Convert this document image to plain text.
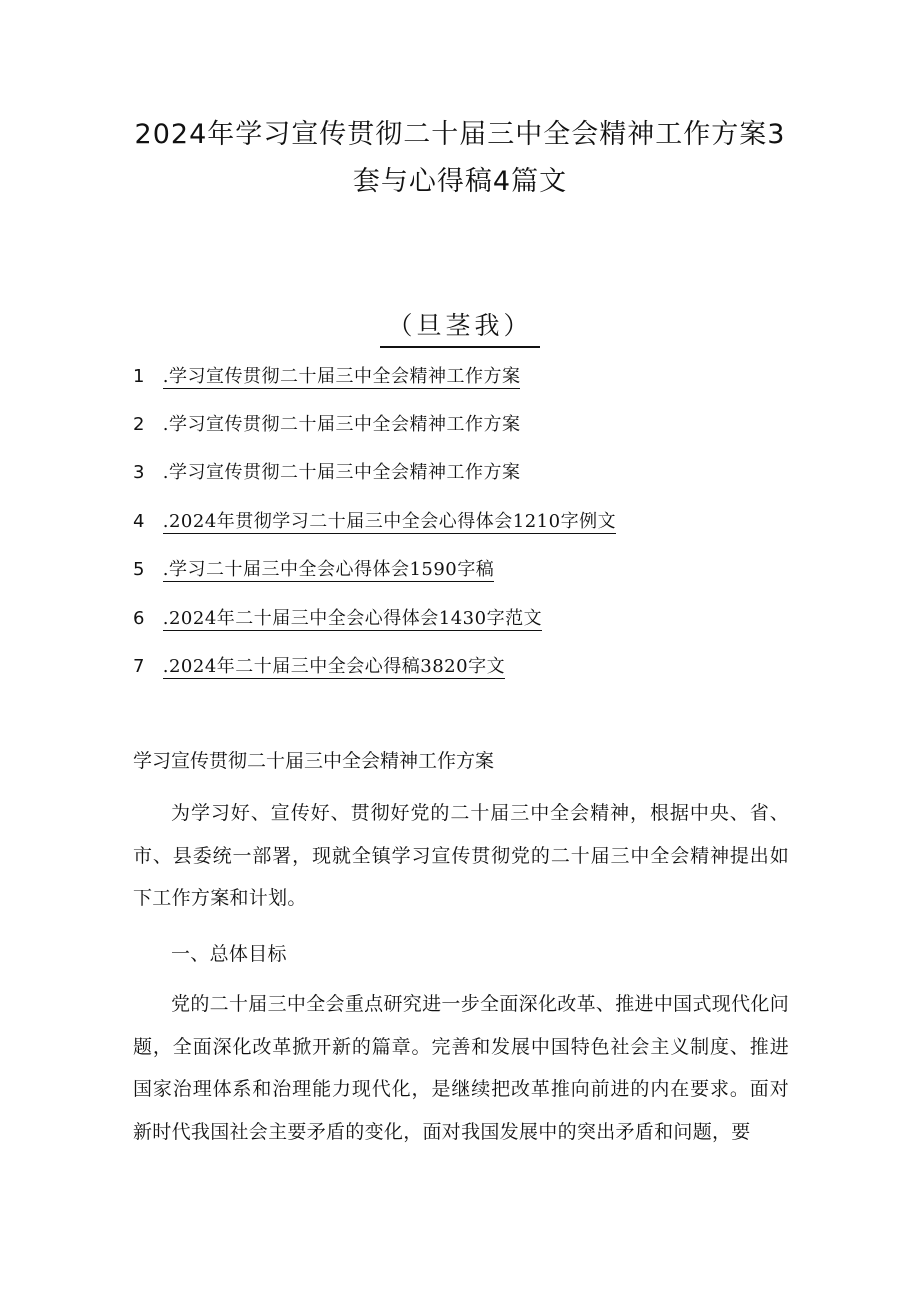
2024年学习宣传贯彻二十届三中全会精神工作方案3
套与心得稿4篇文
（旦茎我）
1 .学习宣传贯彻二十届三中全会精神工作方案
2 .学习宣传贯彻二十届三中全会精神工作方案
3 .学习宣传贯彻二十届三中全会精神工作方案
4 .2024年贯彻学习二十届三中全会心得体会1210字例文
5 .学习二十届三中全会心得体会1590字稿
6 .2024年二十届三中全会心得体会1430字范文
7 .2024年二十届三中全会心得稿3820字文
学习宣传贯彻二十届三中全会精神工作方案
为学习好、宣传好、贯彻好党的二十届三中全会精神，根据中央、省、市、县委统一部署，现就全镇学习宣传贯彻党的二十届三中全会精神提出如下工作方案和计划。
一、总体目标
党的二十届三中全会重点研究进一步全面深化改革、推进中国式现代化问题，全面深化改革掀开新的篇章。完善和发展中国特色社会主义制度、推进国家治理体系和治理能力现代化，是继续把改革推向前进的内在要求。面对新时代我国社会主要矛盾的变化，面对我国发展中的突出矛盾和问题，要
